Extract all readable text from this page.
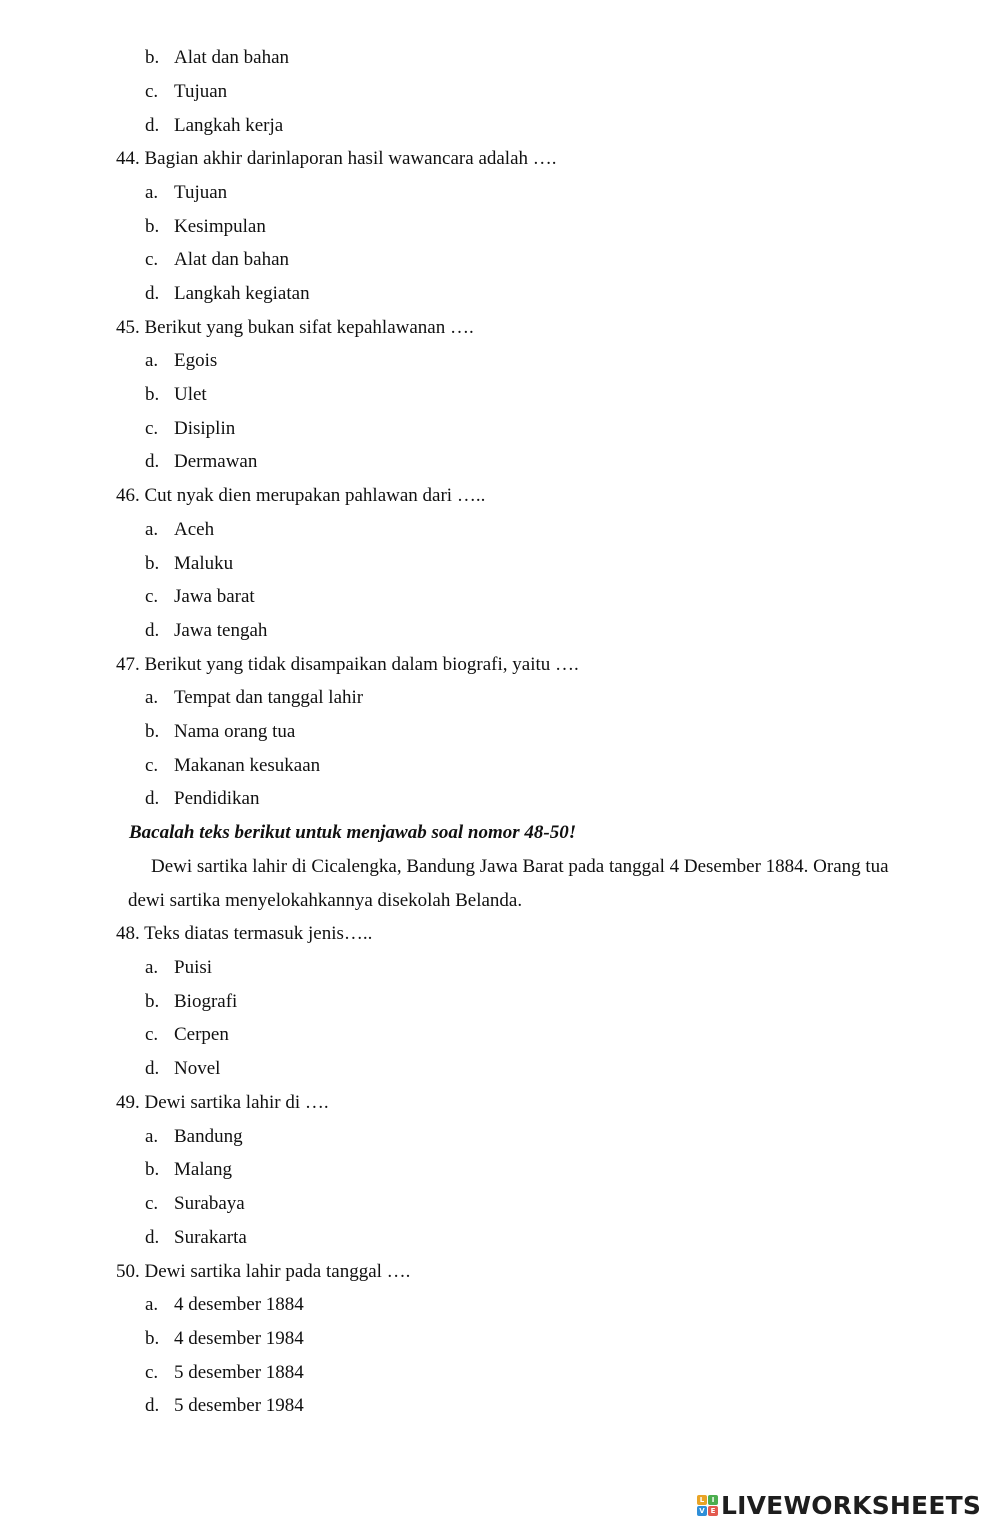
b. Alat dan bahan
c. Tujuan
d. Langkah kerja
44. Bagian akhir darinlaporan hasil wawancara adalah ….
a. Tujuan
b. Kesimpulan
c. Alat dan bahan
d. Langkah kegiatan
45. Berikut yang bukan sifat kepahlawanan ….
a. Egois
b. Ulet
c. Disiplin
d. Dermawan
46. Cut nyak dien merupakan pahlawan dari …..
a. Aceh
b. Maluku
c. Jawa barat
d. Jawa tengah
47. Berikut yang tidak disampaikan dalam biografi, yaitu ….
a. Tempat dan tanggal lahir
b. Nama orang tua
c. Makanan kesukaan
d. Pendidikan
Bacalah teks berikut untuk menjawab soal nomor 48-50!
Dewi sartika lahir di Cicalengka, Bandung Jawa Barat pada tanggal 4 Desember 1884. Orang tua
dewi sartika menyelokahkannya disekolah Belanda.
48. Teks diatas termasuk jenis…..
a. Puisi
b. Biografi
c. Cerpen
d. Novel
49. Dewi sartika lahir di ….
a. Bandung
b. Malang
c. Surabaya
d. Surakarta
50. Dewi sartika lahir pada tanggal ….
a. 4 desember 1884
b. 4 desember 1984
c. 5 desember 1884
d. 5 desember 1984
L	I
V E LIVEWORKSHEETS
